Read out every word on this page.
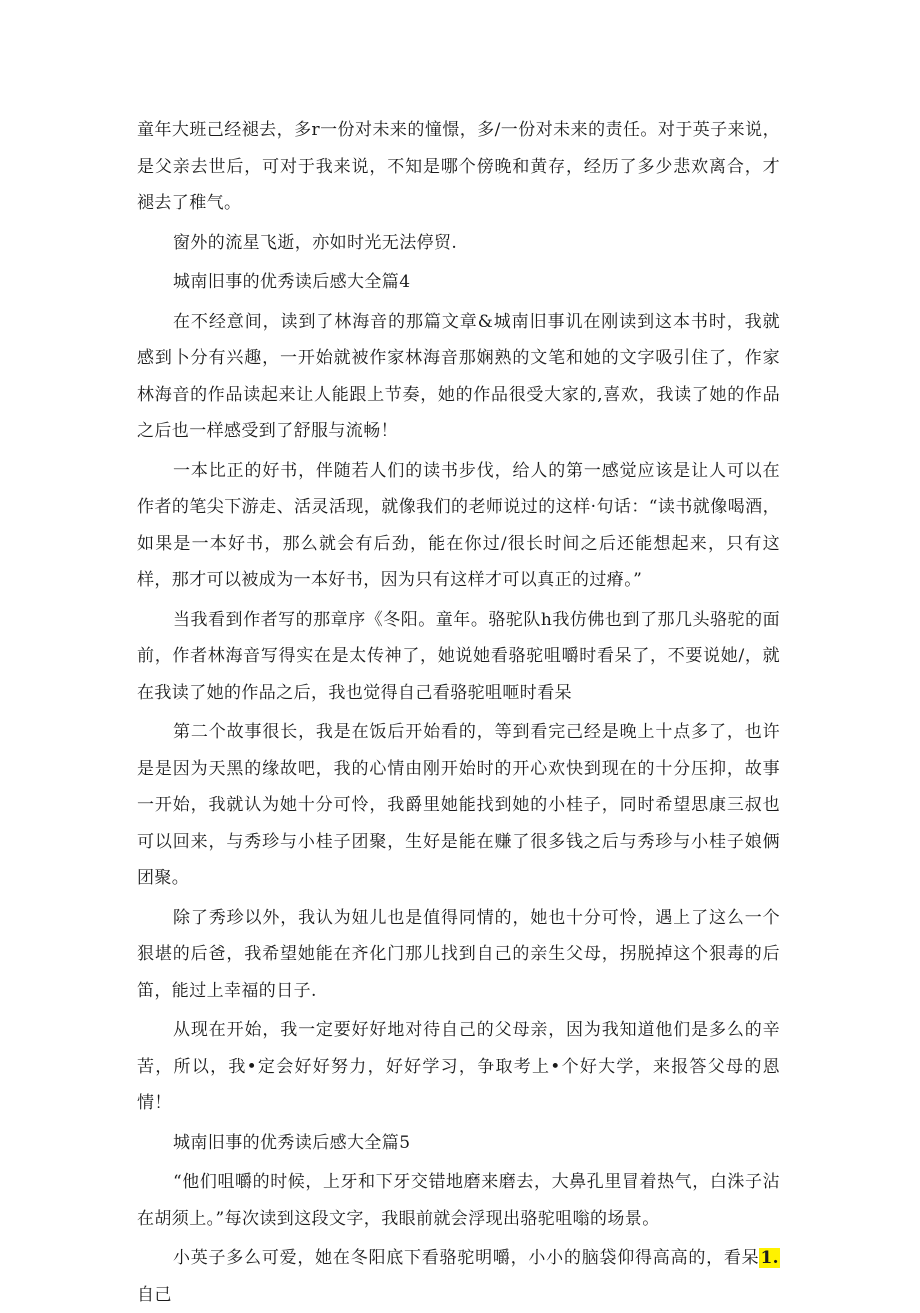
童年大班己经褪去，多r一份对未来的憧憬，多/一份对未来的责任。对于英子来说，是父亲去世后，可对于我来说，不知是哪个傍晚和黄存，经历了多少悲欢离合，才褪去了稚气。

窗外的流星飞逝，亦如时光无法停贸.

城南旧事的优秀读后感大全篇4

在不经意间，读到了林海音的那篇文章&城南旧事讥在刚读到这本书时，我就感到卜分有兴趣，一开始就被作家林海音那娴熟的文笔和她的文字吸引住了，作家林海音的作品读起来让人能跟上节奏，她的作品很受大家的,喜欢，我读了她的作品之后也一样感受到了舒服与流畅！

一本比正的好书，伴随若人们的读书步伐，给人的第一感觉应该是让人可以在作者的笔尖下游走、活灵活现，就像我们的老师说过的这样·句话：“读书就像喝酒，如果是一本好书，那么就会有后劲，能在你过/很长时间之后还能想起来，只有这样，那才可以被成为一本好书，因为只有这样才可以真正的过瘠。”

当我看到作者写的那章序《冬阳。童年。骆驼队h我仿佛也到了那几头骆驼的面前，作者林海音写得实在是太传神了，她说她看骆驼咀嚼时看呆了，不要说她/，就在我读了她的作品之后，我也觉得自己看骆驼咀咂时看呆

第二个故事很长，我是在饭后开始看的，等到看完己经是晚上十点多了，也许是是因为天黑的缘故吧，我的心情由刚开始时的开心欢快到现在的十分压抑，故事一开始，我就认为她十分可怜，我爵里她能找到她的小桂子，同时希望思康三叔也可以回来，与秀珍与小桂子团聚，生好是能在赚了很多钱之后与秀珍与小桂子娘俩团聚。

除了秀珍以外，我认为妞儿也是值得同情的，她也十分可怜，遇上了这么一个狠堪的后爸，我希望她能在齐化门那儿找到自己的亲生父母，拐脱掉这个狠毒的后笛，能过上幸福的日子.

从现在开始，我一定要好好地对待自己的父母亲，因为我知道他们是多么的辛苦，所以，我•定会好好努力，好好学习，争取考上•个好大学，来报答父母的恩情！

城南旧事的优秀读后感大全篇5

“他们咀嚼的时候，上牙和下牙交错地磨来磨去，大鼻孔里冒着热气，白洙子沾在胡须上。”每次读到这段文字，我眼前就会浮现出骆驼咀嗡的场景。

小英子多么可爱，她在冬阳底下看骆驼明嚼，小小的脑袋仰得高高的，看呆1.自己
